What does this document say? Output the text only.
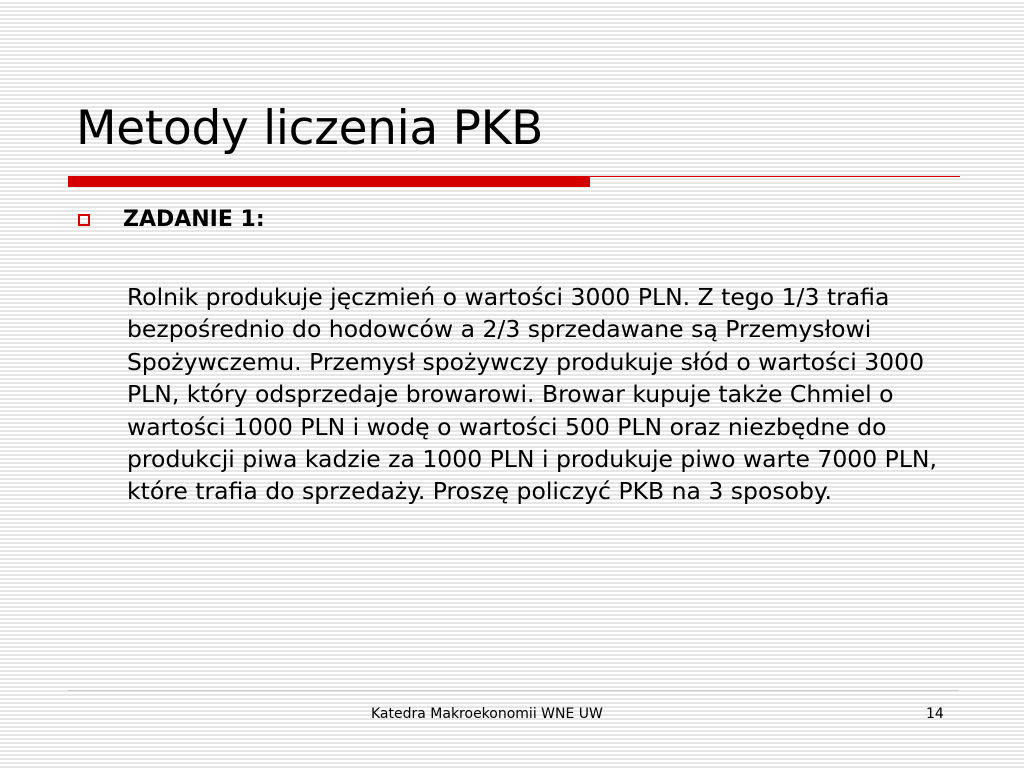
Metody liczenia PKB
ZADANIE 1:

Rolnik produkuje jęczmień o wartości 3000 PLN. Z tego 1/3 trafia bezpośrednio do hodowców a 2/3 sprzedawane są Przemysłowi Spożywczemu. Przemysł spożywczy produkuje słód o wartości 3000 PLN, który odsprzedaje browarowi. Browar kupuje także Chmiel o wartości 1000 PLN i wodę o wartości 500 PLN oraz niezbędne do produkcji piwa kadzie za 1000 PLN i produkuje piwo warte 7000 PLN, które trafia do sprzedaży. Proszę policzyć PKB na 3 sposoby.

Katedra Makroekonomii WNE UW	14
